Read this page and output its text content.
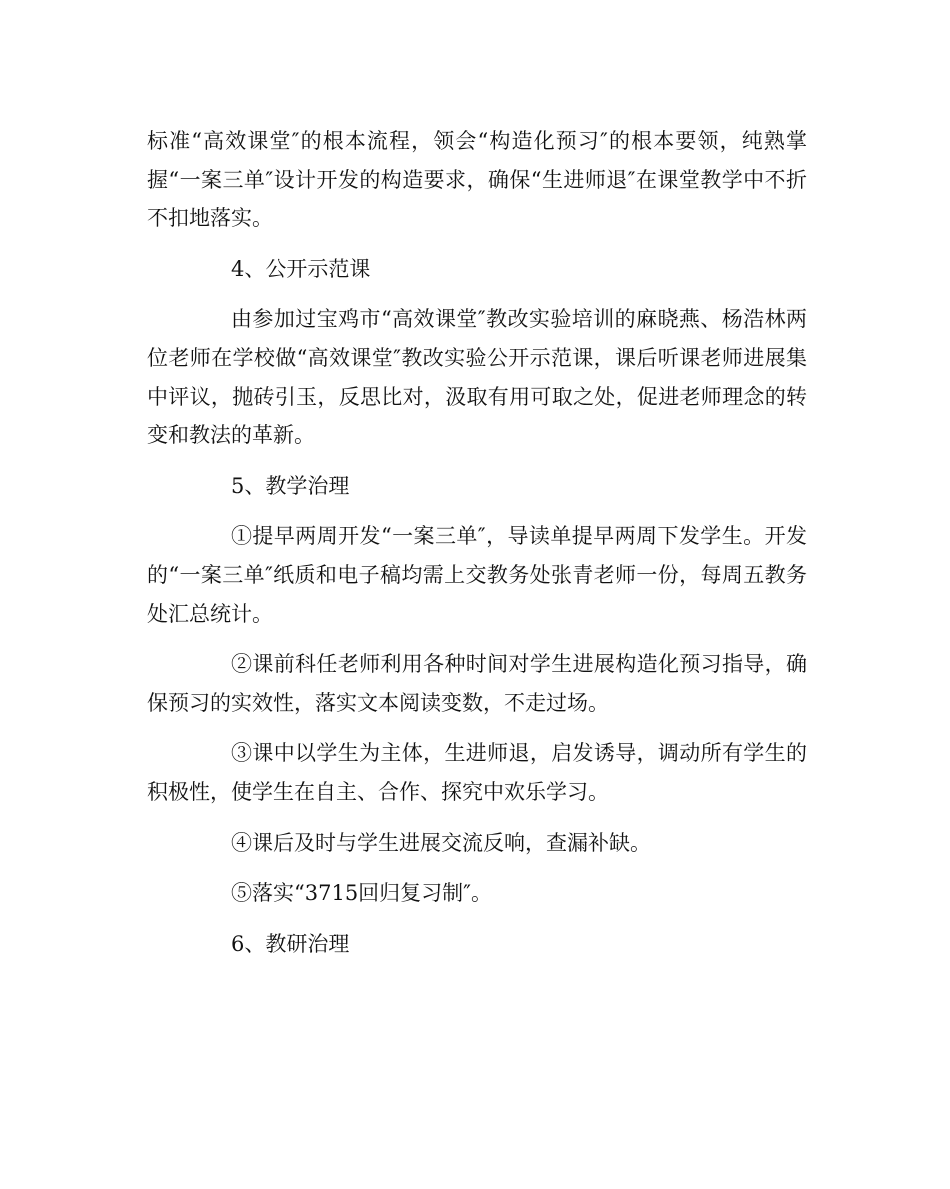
标准“高效课堂″的根本流程，领会“构造化预习″的根本要领，纯熟掌握“一案三单″设计开发的构造要求，确保“生进师退″在课堂教学中不折不扣地落实。

4、公开示范课

由参加过宝鸡市“高效课堂″教改实验培训的麻晓燕、杨浩林两位老师在学校做“高效课堂″教改实验公开示范课，课后听课老师进展集中评议，抛砖引玉，反思比对，汲取有用可取之处，促进老师理念的转变和教法的革新。

5、教学治理

①提早两周开发“一案三单″，导读单提早两周下发学生。开发的“一案三单″纸质和电子稿均需上交教务处张青老师一份，每周五教务处汇总统计。

②课前科任老师利用各种时间对学生进展构造化预习指导，确保预习的实效性，落实文本阅读变数，不走过场。

③课中以学生为主体，生进师退，启发诱导，调动所有学生的积极性，使学生在自主、合作、探究中欢乐学习。

④课后及时与学生进展交流反响，查漏补缺。

⑤落实“3715回归复习制″。

6、教研治理
